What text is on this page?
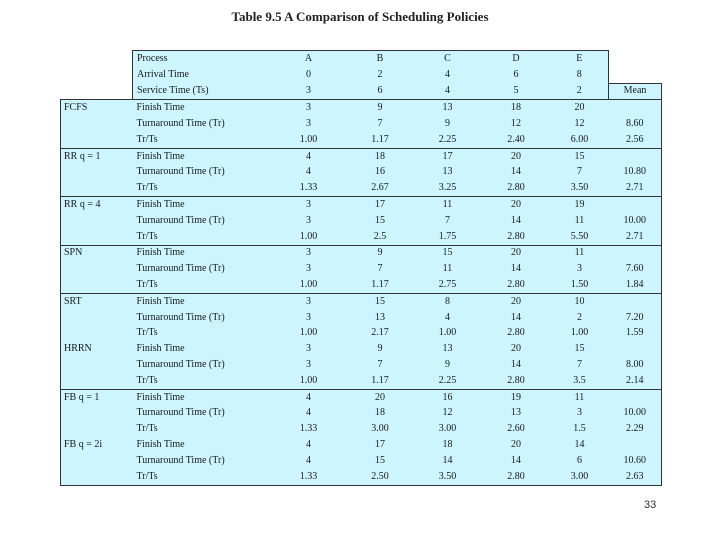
Table 9.5 A Comparison of Scheduling Policies
	Process	A	B	C	D	E	
	Arrival Time	0	2	4	6	8	
	Service Time (Ts)	3	6	4	5	2	Mean
FCFS	Finish Time	3	9	13	18	20	
	Turnaround Time (Tr)	3	7	9	12	12	8.60
	Tr/Ts	1.00	1.17	2.25	2.40	6.00	2.56
RR q = 1	Finish Time	4	18	17	20	15	
	Turnaround Time (Tr)	4	16	13	14	7	10.80
	Tr/Ts	1.33	2.67	3.25	2.80	3.50	2.71
RR q = 4	Finish Time	3	17	11	20	19	
	Turnaround Time (Tr)	3	15	7	14	11	10.00
	Tr/Ts	1.00	2.5	1.75	2.80	5.50	2.71
SPN	Finish Time	3	9	15	20	11	
	Turnaround Time (Tr)	3	7	11	14	3	7.60
	Tr/Ts	1.00	1.17	2.75	2.80	1.50	1.84
SRT	Finish Time	3	15	8	20	10	
	Turnaround Time (Tr)	3	13	4	14	2	7.20
	Tr/Ts	1.00	2.17	1.00	2.80	1.00	1.59
HRRN	Finish Time	3	9	13	20	15	
	Turnaround Time (Tr)	3	7	9	14	7	8.00
	Tr/Ts	1.00	1.17	2.25	2.80	3.5	2.14
FB q = 1	Finish Time	4	20	16	19	11	
	Turnaround Time (Tr)	4	18	12	13	3	10.00
	Tr/Ts	1.33	3.00	3.00	2.60	1.5	2.29
FB q = 2i	Finish Time	4	17	18	20	14	
	Turnaround Time (Tr)	4	15	14	14	6	10.60
	Tr/Ts	1.33	2.50	3.50	2.80	3.00	2.63
33
